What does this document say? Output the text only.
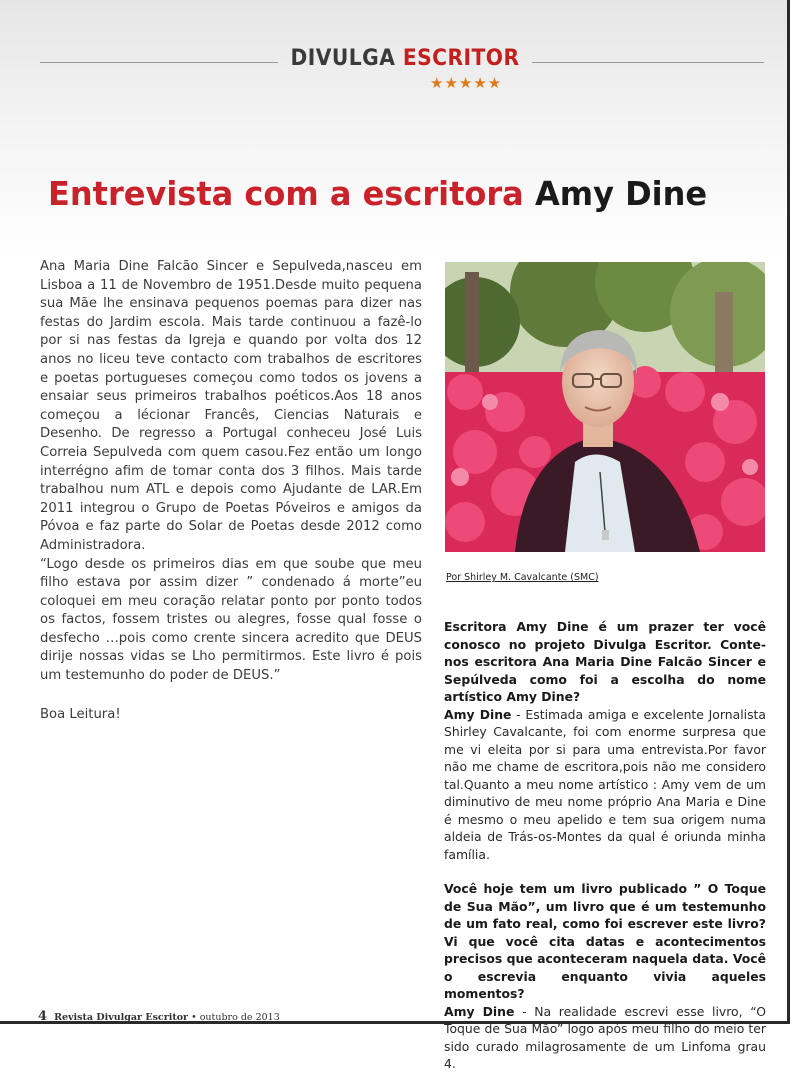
DIVULGA ESCRITOR
★★★★★
Entrevista com a escritora Amy Dine

Ana Maria Dine Falcão Sincer e Sepulveda,nasceu em Lisboa a 11 de Novembro de 1951.Desde muito pequena sua Mãe lhe ensinava pequenos poemas para dizer nas festas do Jardim escola. Mais tarde continuou a fazê-lo por si nas festas da Igreja e quando por volta dos 12 anos no liceu teve contacto com trabalhos de escritores e poetas portugueses começou como todos os jovens a ensaiar seus primeiros trabalhos poéticos.Aos 18 anos começou a lécionar Francês, Ciencias Naturais e Desenho. De regresso a Portugal conheceu José Luis Correia Sepulveda com quem casou.Fez então um longo interrégno afim de tomar conta dos 3 filhos. Mais tarde trabalhou num ATL e depois como Ajudante de LAR.Em 2011 integrou o Grupo de Poetas Póveiros e amigos da Póvoa e faz parte do Solar de Poetas desde 2012 como Administradora.

“Logo desde os primeiros dias em que soube que meu filho estava por assim dizer ” condenado á morte”eu coloquei em meu coração relatar ponto por ponto todos os factos, fossem tristes ou alegres, fosse qual fosse o desfecho …pois como crente sincera acredito que DEUS dirije nossas vidas se Lho permitirmos. Este livro é pois um testemunho do poder de DEUS.”

Boa Leitura!

Por Shirley M. Cavalcante (SMC)

Escritora Amy Dine é um prazer ter você conosco no projeto Divulga Escritor. Conte-nos escritora Ana Maria Dine Falcão Sincer e Sepúlveda como foi a escolha do nome artístico Amy Dine?

Amy Dine - Estimada amiga e excelente Jornalista Shirley Cavalcante, foi com enorme surpresa que me vi eleita por si para uma entrevista.Por favor não me chame de escritora,pois não me considero tal.Quanto a meu nome artístico : Amy vem de um diminutivo de meu nome próprio Ana Maria e Dine é mesmo o meu apelido e tem sua origem numa aldeia de Trás-os-Montes da qual é oriunda minha família.

Você hoje tem um livro publicado ” O Toque de Sua Mão”, um livro que é um testemunho de um fato real, como foi escrever este livro? Vi que você cita datas e acontecimentos precisos que aconteceram naquela data. Você o escrevia enquanto vivia aqueles momentos?

Amy Dine - Na realidade escrevi esse livro, “O Toque de Sua Mão” logo após meu filho do meio ter sido curado milagrosamente de um Linfoma grau 4.

4 Revista Divulgar Escritor • outubro de 2013
